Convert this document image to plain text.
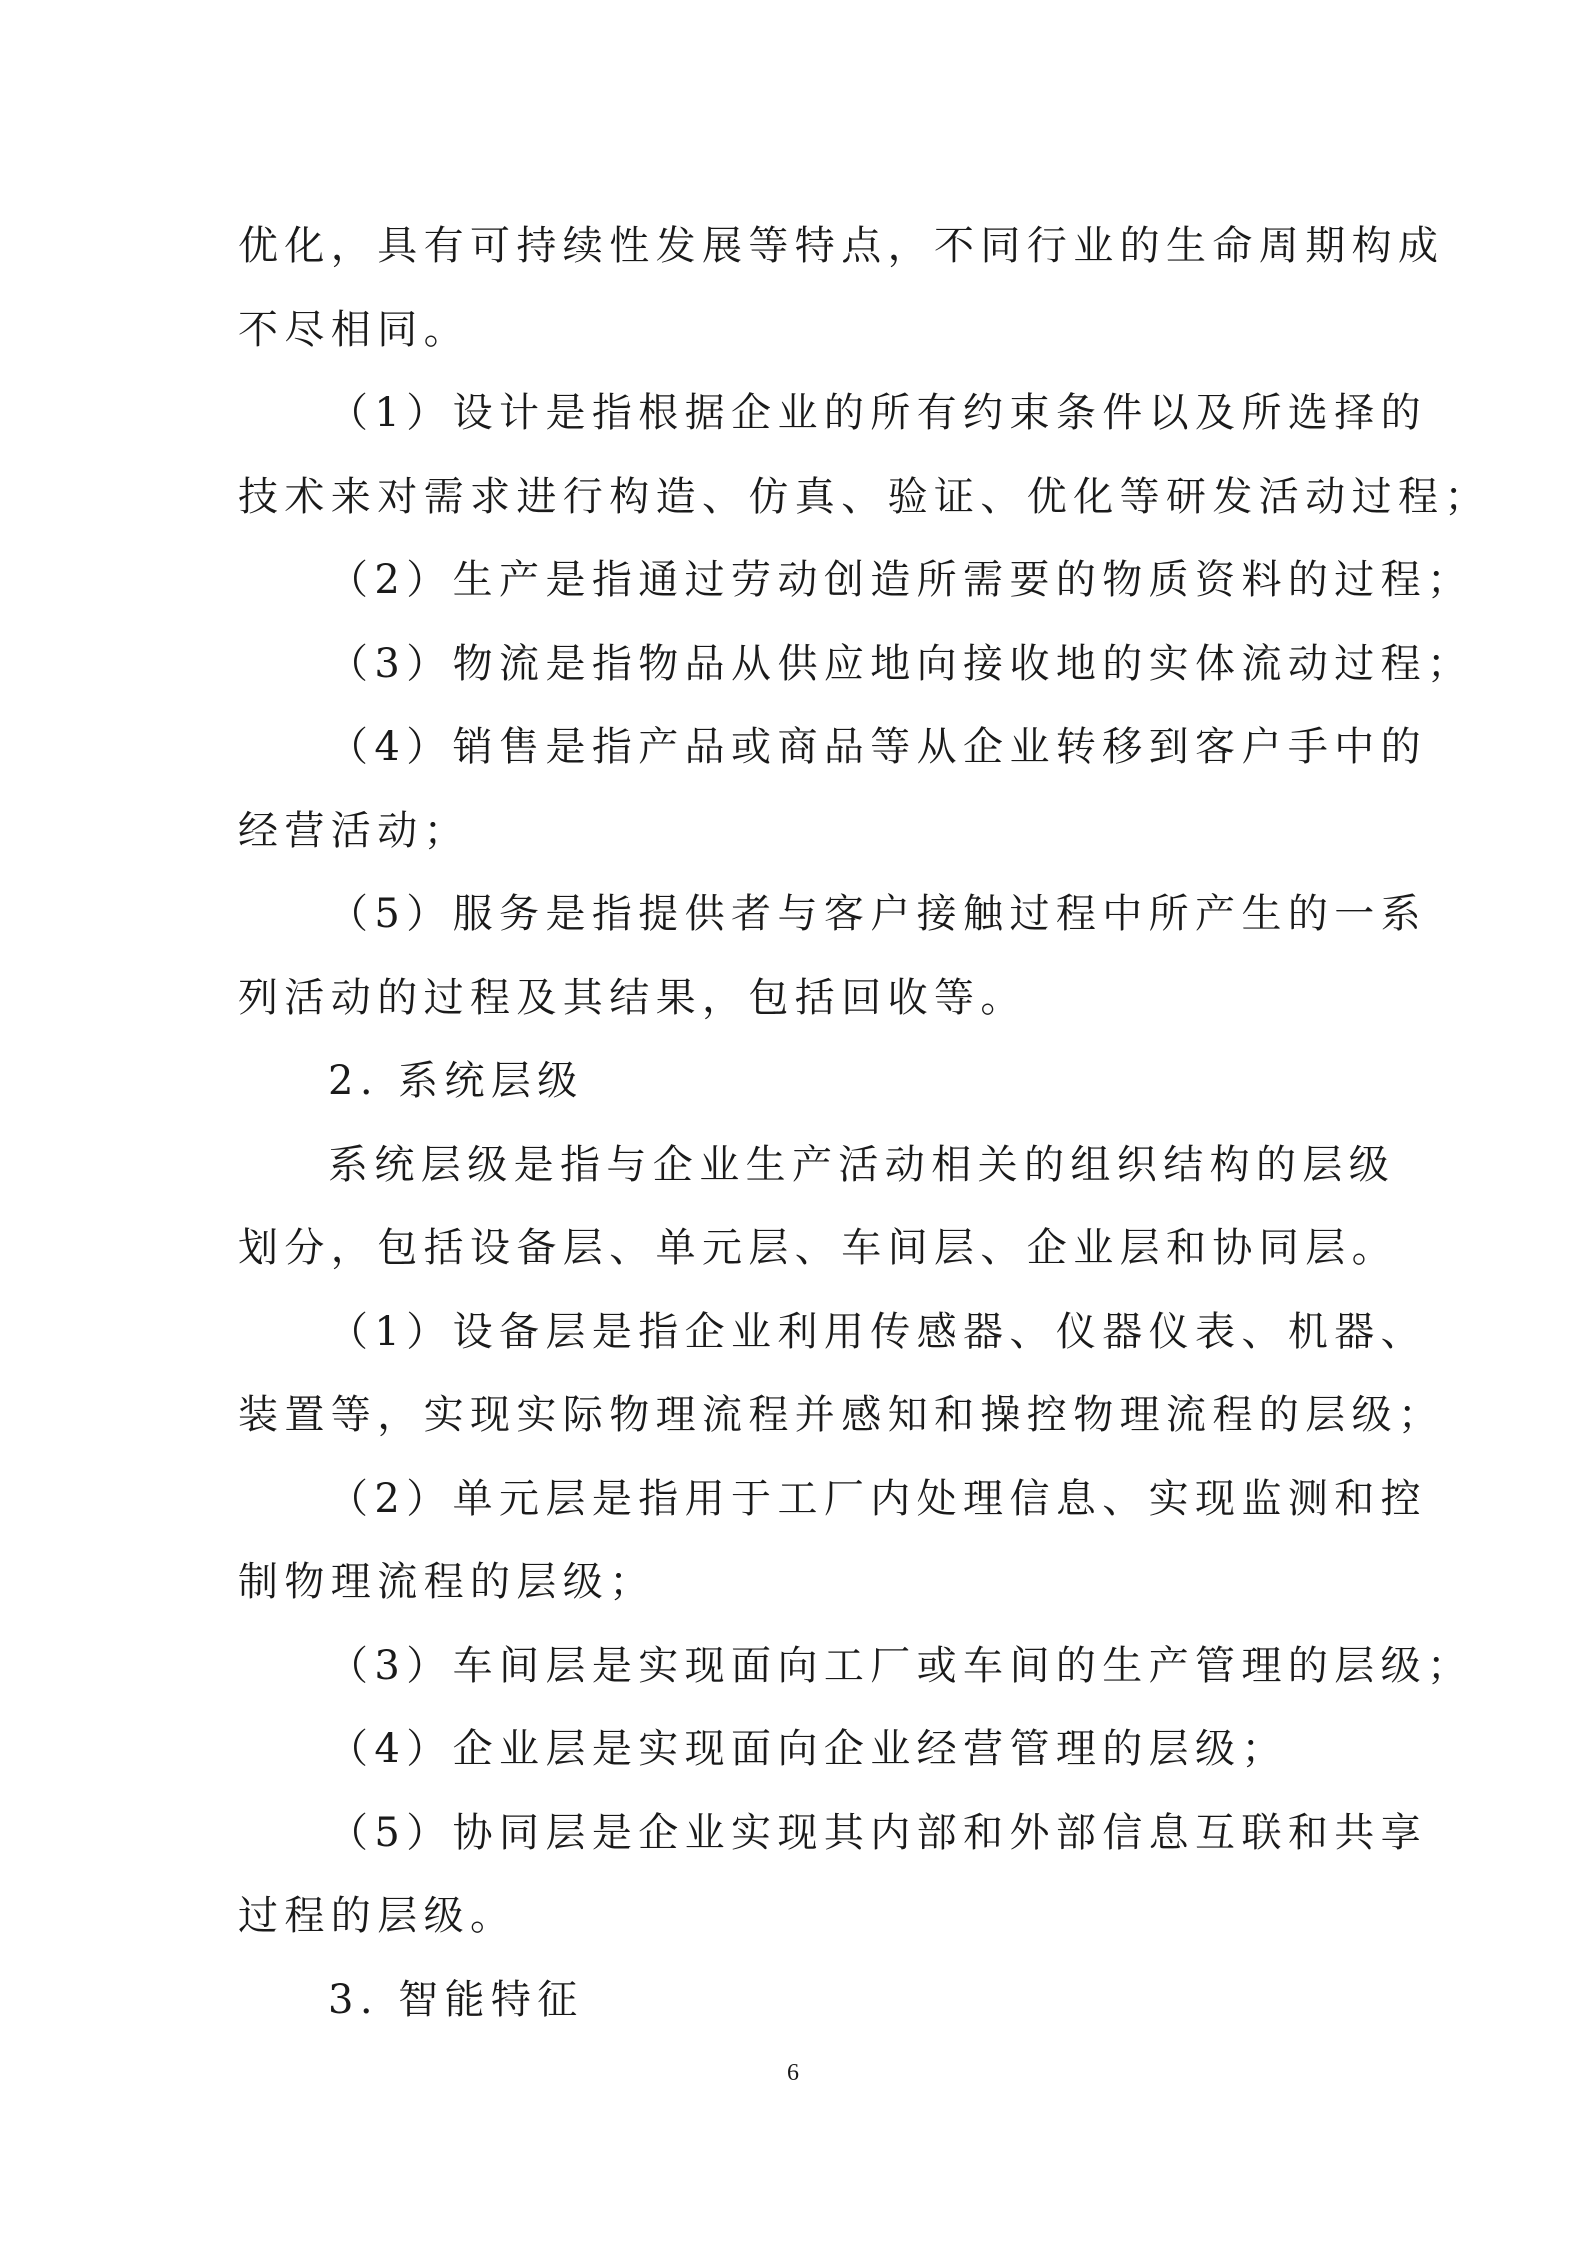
优化，具有可持续性发展等特点，不同行业的生命周期构成

不尽相同。

（1）设计是指根据企业的所有约束条件以及所选择的

技术来对需求进行构造、仿真、验证、优化等研发活动过程；

（2）生产是指通过劳动创造所需要的物质资料的过程；

（3）物流是指物品从供应地向接收地的实体流动过程；

（4）销售是指产品或商品等从企业转移到客户手中的

经营活动；

（5）服务是指提供者与客户接触过程中所产生的一系

列活动的过程及其结果，包括回收等。

2. 系统层级

系统层级是指与企业生产活动相关的组织结构的层级

划分，包括设备层、单元层、车间层、企业层和协同层。

（1）设备层是指企业利用传感器、仪器仪表、机器、

装置等，实现实际物理流程并感知和操控物理流程的层级；

（2）单元层是指用于工厂内处理信息、实现监测和控

制物理流程的层级；

（3）车间层是实现面向工厂或车间的生产管理的层级；

（4）企业层是实现面向企业经营管理的层级；

（5）协同层是企业实现其内部和外部信息互联和共享

过程的层级。

3. 智能特征

6
